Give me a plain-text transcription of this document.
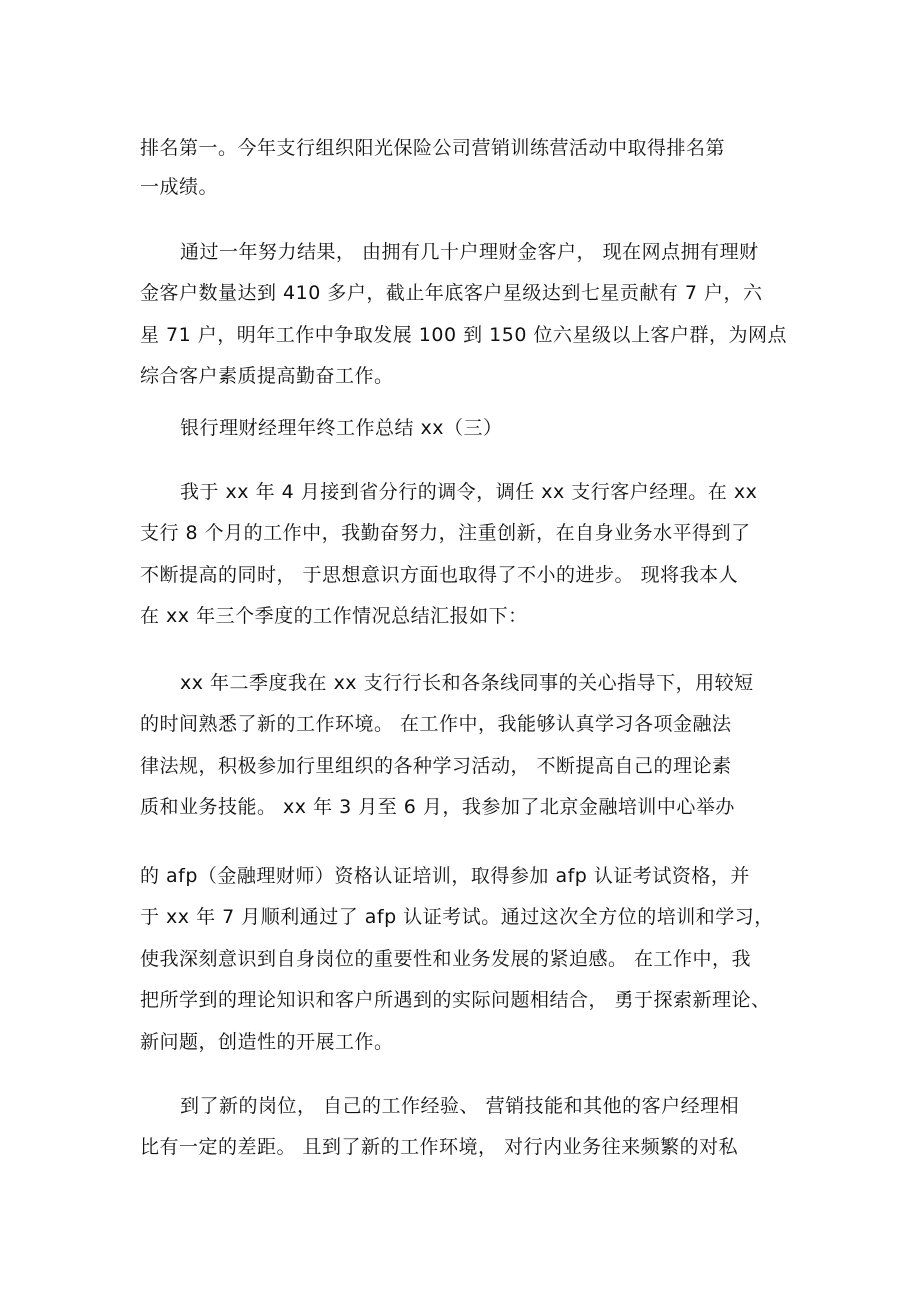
排名第一。今年支行组织阳光保险公司营销训练营活动中取得排名第
一成绩。
通过一年努力结果， 由拥有几十户理财金客户， 现在网点拥有理财
金客户数量达到 410 多户，截止年底客户星级达到七星贡献有 7 户，六
星 71 户，明年工作中争取发展 100 到 150 位六星级以上客户群，为网点
综合客户素质提高勤奋工作。
银行理财经理年终工作总结 xx（三）
我于 xx 年 4 月接到省分行的调令，调任 xx 支行客户经理。在 xx
支行 8 个月的工作中，我勤奋努力，注重创新，在自身业务水平得到了
不断提高的同时， 于思想意识方面也取得了不小的进步。 现将我本人
在 xx 年三个季度的工作情况总结汇报如下：
xx 年二季度我在 xx 支行行长和各条线同事的关心指导下，用较短
的时间熟悉了新的工作环境。 在工作中，我能够认真学习各项金融法
律法规，积极参加行里组织的各种学习活动， 不断提高自己的理论素
质和业务技能。 xx 年 3 月至 6 月，我参加了北京金融培训中心举办
的 afp（金融理财师）资格认证培训，取得参加 afp 认证考试资格，并
于 xx 年 7 月顺利通过了 afp 认证考试。通过这次全方位的培训和学习，
使我深刻意识到自身岗位的重要性和业务发展的紧迫感。 在工作中，我
把所学到的理论知识和客户所遇到的实际问题相结合， 勇于探索新理论、
新问题，创造性的开展工作。
到了新的岗位， 自己的工作经验、 营销技能和其他的客户经理相
比有一定的差距。 且到了新的工作环境， 对行内业务往来频繁的对私
